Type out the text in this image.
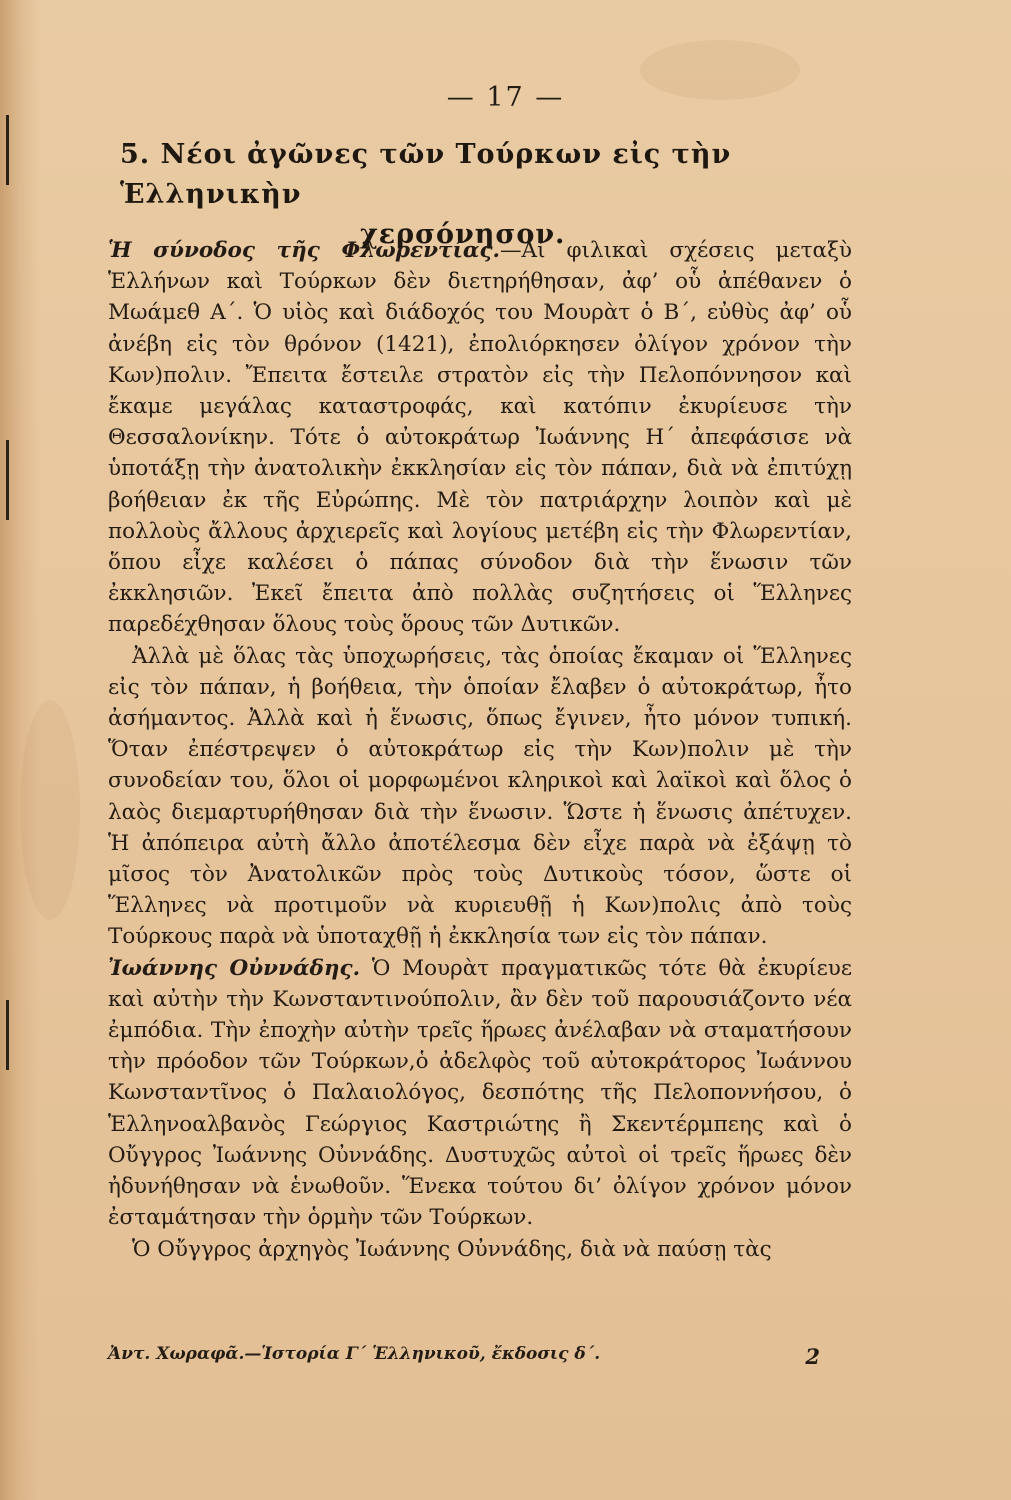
— 17 —
5. Νέοι ἀγῶνες τῶν Τούρκων εἰς τὴν Ἑλληνικὴν
χερσόνησον.

Ἡ σύνοδος τῆς Φλωρεντίας.—Αἱ φιλικαὶ σχέσεις μεταξὺ Ἑλλήνων καὶ Τούρκων δὲν διετηρήθησαν, ἀφ’ οὗ ἀπέθανεν ὁ Μωάμεθ Α΄. Ὁ υἱὸς καὶ διάδοχός του Μουρὰτ ὁ Β΄, εὐθὺς ἀφ’ οὗ ἀνέβη εἰς τὸν θρόνον (1421), ἐπολιόρκησεν ὀλίγον χρόνον τὴν Κων)πολιν. Ἔπειτα ἔστειλε στρατὸν εἰς τὴν Πελοπόννησον καὶ ἔκαμε μεγάλας καταστροφάς, καὶ κατόπιν ἐκυρίευσε τὴν Θεσσαλονίκην. Τότε ὁ αὐτοκράτωρ Ἰωάννης Η΄ ἀπεφάσισε νὰ ὑποτάξῃ τὴν ἀνατολικὴν ἐκκλησίαν εἰς τὸν πάπαν, διὰ νὰ ἐπιτύχῃ βοήθειαν ἐκ τῆς Εὐρώπης. Μὲ τὸν πατριάρχην λοιπὸν καὶ μὲ πολλοὺς ἄλλους ἀρχιερεῖς καὶ λογίους μετέβη εἰς τὴν Φλωρεντίαν, ὅπου εἶχε καλέσει ὁ πάπας σύνοδον διὰ τὴν ἕνωσιν τῶν ἐκκλησιῶν. Ἐκεῖ ἔπειτα ἀπὸ πολλὰς συζητήσεις οἱ Ἕλληνες παρεδέχθησαν ὅλους τοὺς ὅρους τῶν Δυτικῶν.

Ἀλλὰ μὲ ὅλας τὰς ὑποχωρήσεις, τὰς ὁποίας ἔκαμαν οἱ Ἕλληνες εἰς τὸν πάπαν, ἡ βοήθεια, τὴν ὁποίαν ἔλαβεν ὁ αὐτοκράτωρ, ἦτο ἀσήμαντος. Ἀλλὰ καὶ ἡ ἕνωσις, ὅπως ἔγινεν, ἦτο μόνον τυπική. Ὅταν ἐπέστρεψεν ὁ αὐτοκράτωρ εἰς τὴν Κων)πολιν μὲ τὴν συνοδείαν του, ὅλοι οἱ μορφωμένοι κληρικοὶ καὶ λαϊκοὶ καὶ ὅλος ὁ λαὸς διεμαρτυρήθησαν διὰ τὴν ἕνωσιν. Ὥστε ἡ ἕνωσις ἀπέτυχεν. Ἡ ἀπόπειρα αὐτὴ ἄλλο ἀποτέλεσμα δὲν εἶχε παρὰ νὰ ἐξάψῃ τὸ μῖσος τὸν Ἀνατολικῶν πρὸς τοὺς Δυτικοὺς τόσον, ὥστε οἱ Ἕλληνες νὰ προτιμοῦν νὰ κυριευθῇ ἡ Κων)πολις ἀπὸ τοὺς Τούρκους παρὰ νὰ ὑποταχθῇ ἡ ἐκκλησία των εἰς τὸν πάπαν.

Ἰωάννης Οὐννάδης. Ὁ Μουρὰτ πραγματικῶς τότε θὰ ἐκυρίευε καὶ αὐτὴν τὴν Κωνσταντινούπολιν, ἂν δὲν τοῦ παρουσιάζοντο νέα ἐμπόδια. Τὴν ἐποχὴν αὐτὴν τρεῖς ἥρωες ἀνέλαβαν νὰ σταματήσουν τὴν πρόοδον τῶν Τούρκων,ὁ ἀδελφὸς τοῦ αὐτοκράτορος Ἰωάννου Κωνσταντῖνος ὁ Παλαιολόγος, δεσπότης τῆς Πελοποννήσου, ὁ Ἑλληνοαλβανὸς Γεώργιος Καστριώτης ἢ Σκεντέρμπεης καὶ ὁ Οὔγγρος Ἰωάννης Οὐννάδης. Δυστυχῶς αὐτοὶ οἱ τρεῖς ἥρωες δὲν ἠδυνήθησαν νὰ ἑνωθοῦν. Ἕνεκα τούτου δι’ ὀλίγον χρόνον μόνον ἐσταμάτησαν τὴν ὁρμὴν τῶν Τούρκων.

Ὁ Οὔγγρος ἀρχηγὸς Ἰωάννης Οὐννάδης, διὰ νὰ παύσῃ τὰς

Ἀντ. Χωραφᾶ.—Ἱστορία Γ΄ Ἑλληνικοῦ, ἔκδοσις δ΄.	2
